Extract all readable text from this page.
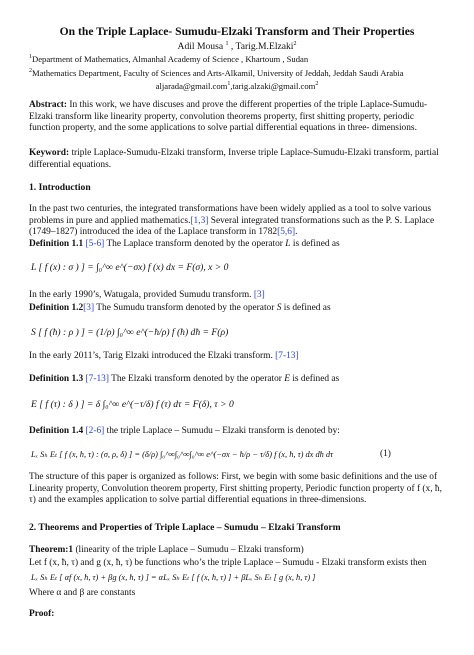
On the Triple Laplace- Sumudu-Elzaki Transform and Their Properties
Adil Mousa $^1$ , Tarig.M.Elzaki$^2$
$^1$Department of Mathematics, Almanhal Academy of Science , Khartoum , Sudan
$^2$Mathematics Department, Faculty of Sciences and Arts-Alkamil, University of Jeddah, Jeddah Saudi Arabia
aljarada@gmail.com$^1$,tarig.alzaki@gmail.com$^2$
Abstract: In this work, we have discuses and prove the different properties of the triple Laplace-Sumudu-Elzaki transform like linearity property, convolution theorems property, first shitting property, periodic function property, and the some applications to solve partial differential equations in three- dimensions.
Keyword: triple Laplace-Sumudu-Elzaki transform, Inverse triple Laplace-Sumudu-Elzaki transform, partial differential equations.
1. Introduction
In the past two centuries, the integrated transformations have been widely applied as a tool to solve various problems in pure and applied mathematics.[1,3] Several integrated transformations such as the P. S. Laplace (1749–1827) introduced the idea of the Laplace transform in 1782[5,6].
Definition 1.1 [5-6] The Laplace transform denoted by the operator L is defined as
L [ f (x) : σ ) ] = ∫₀^∞ e^(−σx) f (x) dx = F(σ), x > 0
In the early 1990’s, Watugala, provided Sumudu transform. [3]
Definition 1.2[3] The Sumudu transform denoted by the operator S is defined as
S [ f (ħ) : ρ ) ] = (1/ρ) ∫₀^∞ e^(−ħ/ρ) f (ħ) dħ = F(ρ)
In the early 2011’s, Tarig Elzaki introduced the Elzaki transform. [7-13]
Definition 1.3 [7-13] The Elzaki transform denoted by the operator E is defined as
E [ f (τ) : δ ) ] = δ ∫₀^∞ e^(−τ/δ) f (τ) dτ = F(δ), τ > 0
Definition 1.4 [2-6] the triple Laplace – Sumudu – Elzaki transform is denoted by:
Lₓ Sₕ Eₜ [ f (x, ħ, τ) : (σ, ρ, δ) ] = (δ/ρ) ∫₀^∞∫₀^∞∫₀^∞ e^(−σx − ħ/ρ − τ/δ) f (x, ħ, τ) dx dħ dτ	(1)
The structure of this paper is organized as follows: First, we begin with some basic definitions and the use of Linearity property, Convolution theorem property, First shitting property, Periodic function property of f (x, ħ, τ) and the examples application to solve partial differential equations in three-dimensions.
2. Theorems and Properties of Triple Laplace – Sumudu – Elzaki Transform
Theorem:1 (linearity of the triple Laplace – Sumudu – Elzaki transform)
Let f (x, ħ, τ) and g (x, ħ, τ) be functions who’s the triple Laplace – Sumudu - Elzaki transform exists then
Lₓ Sₕ Eₜ [ αf (x, ħ, τ) + βg (x, ħ, τ) ] = αLₓ Sₕ Eₜ [ f (x, ħ, τ) ] + βLₓ Sₕ Eₜ [ g (x, ħ, τ) ]
Where α and β are constants
Proof:
